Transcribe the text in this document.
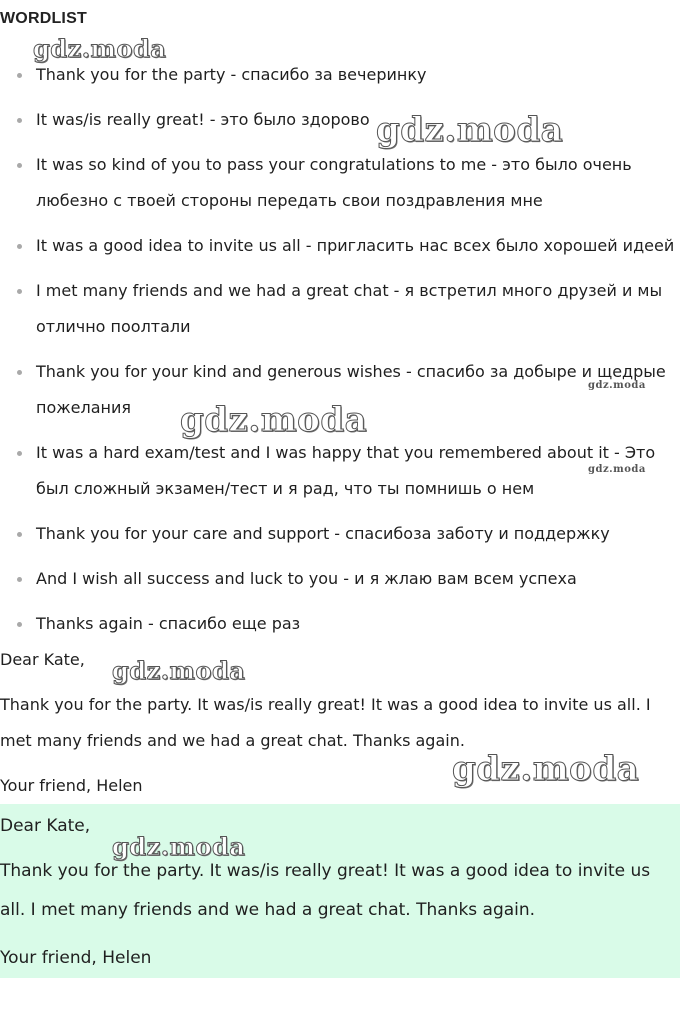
WORDLIST
Thank you for the party - спасибо за вечеринку
It was/is really great! - это было здорово
It was so kind of you to pass your congratulations to me - это было очень любезно с твоей стороны передать свои поздравления мне
It was a good idea to invite us all - пригласить нас всех было хорошей идеей
I met many friends and we had a great chat - я встретил много друзей и мы отлично поолтали
Thank you for your kind and generous wishes - спасибо за добыре и щедрые пожелания
It was a hard exam/test and I was happy that you remembered about it - Это был сложный экзамен/тест и я рад, что ты помнишь о нем
Thank you for your care and support - спасибоза заботу и поддержку
And I wish all success and luck to you - и я жлаю вам всем успеха
Thanks again - спасибо еще раз

Dear Kate,

Thank you for the party. It was/is really great! It was a good idea to invite us all. I met many friends and we had a great chat. Thanks again.

Your friend, Helen

Dear Kate,

Thank you for the party. It was/is really great! It was a good idea to invite us all. I met many friends and we had a great chat. Thanks again.

Your friend, Helen

gdz.moda
gdz.moda
gdz.moda
gdz.moda
gdz.moda
gdz.moda
gdz.moda
gdz.moda
